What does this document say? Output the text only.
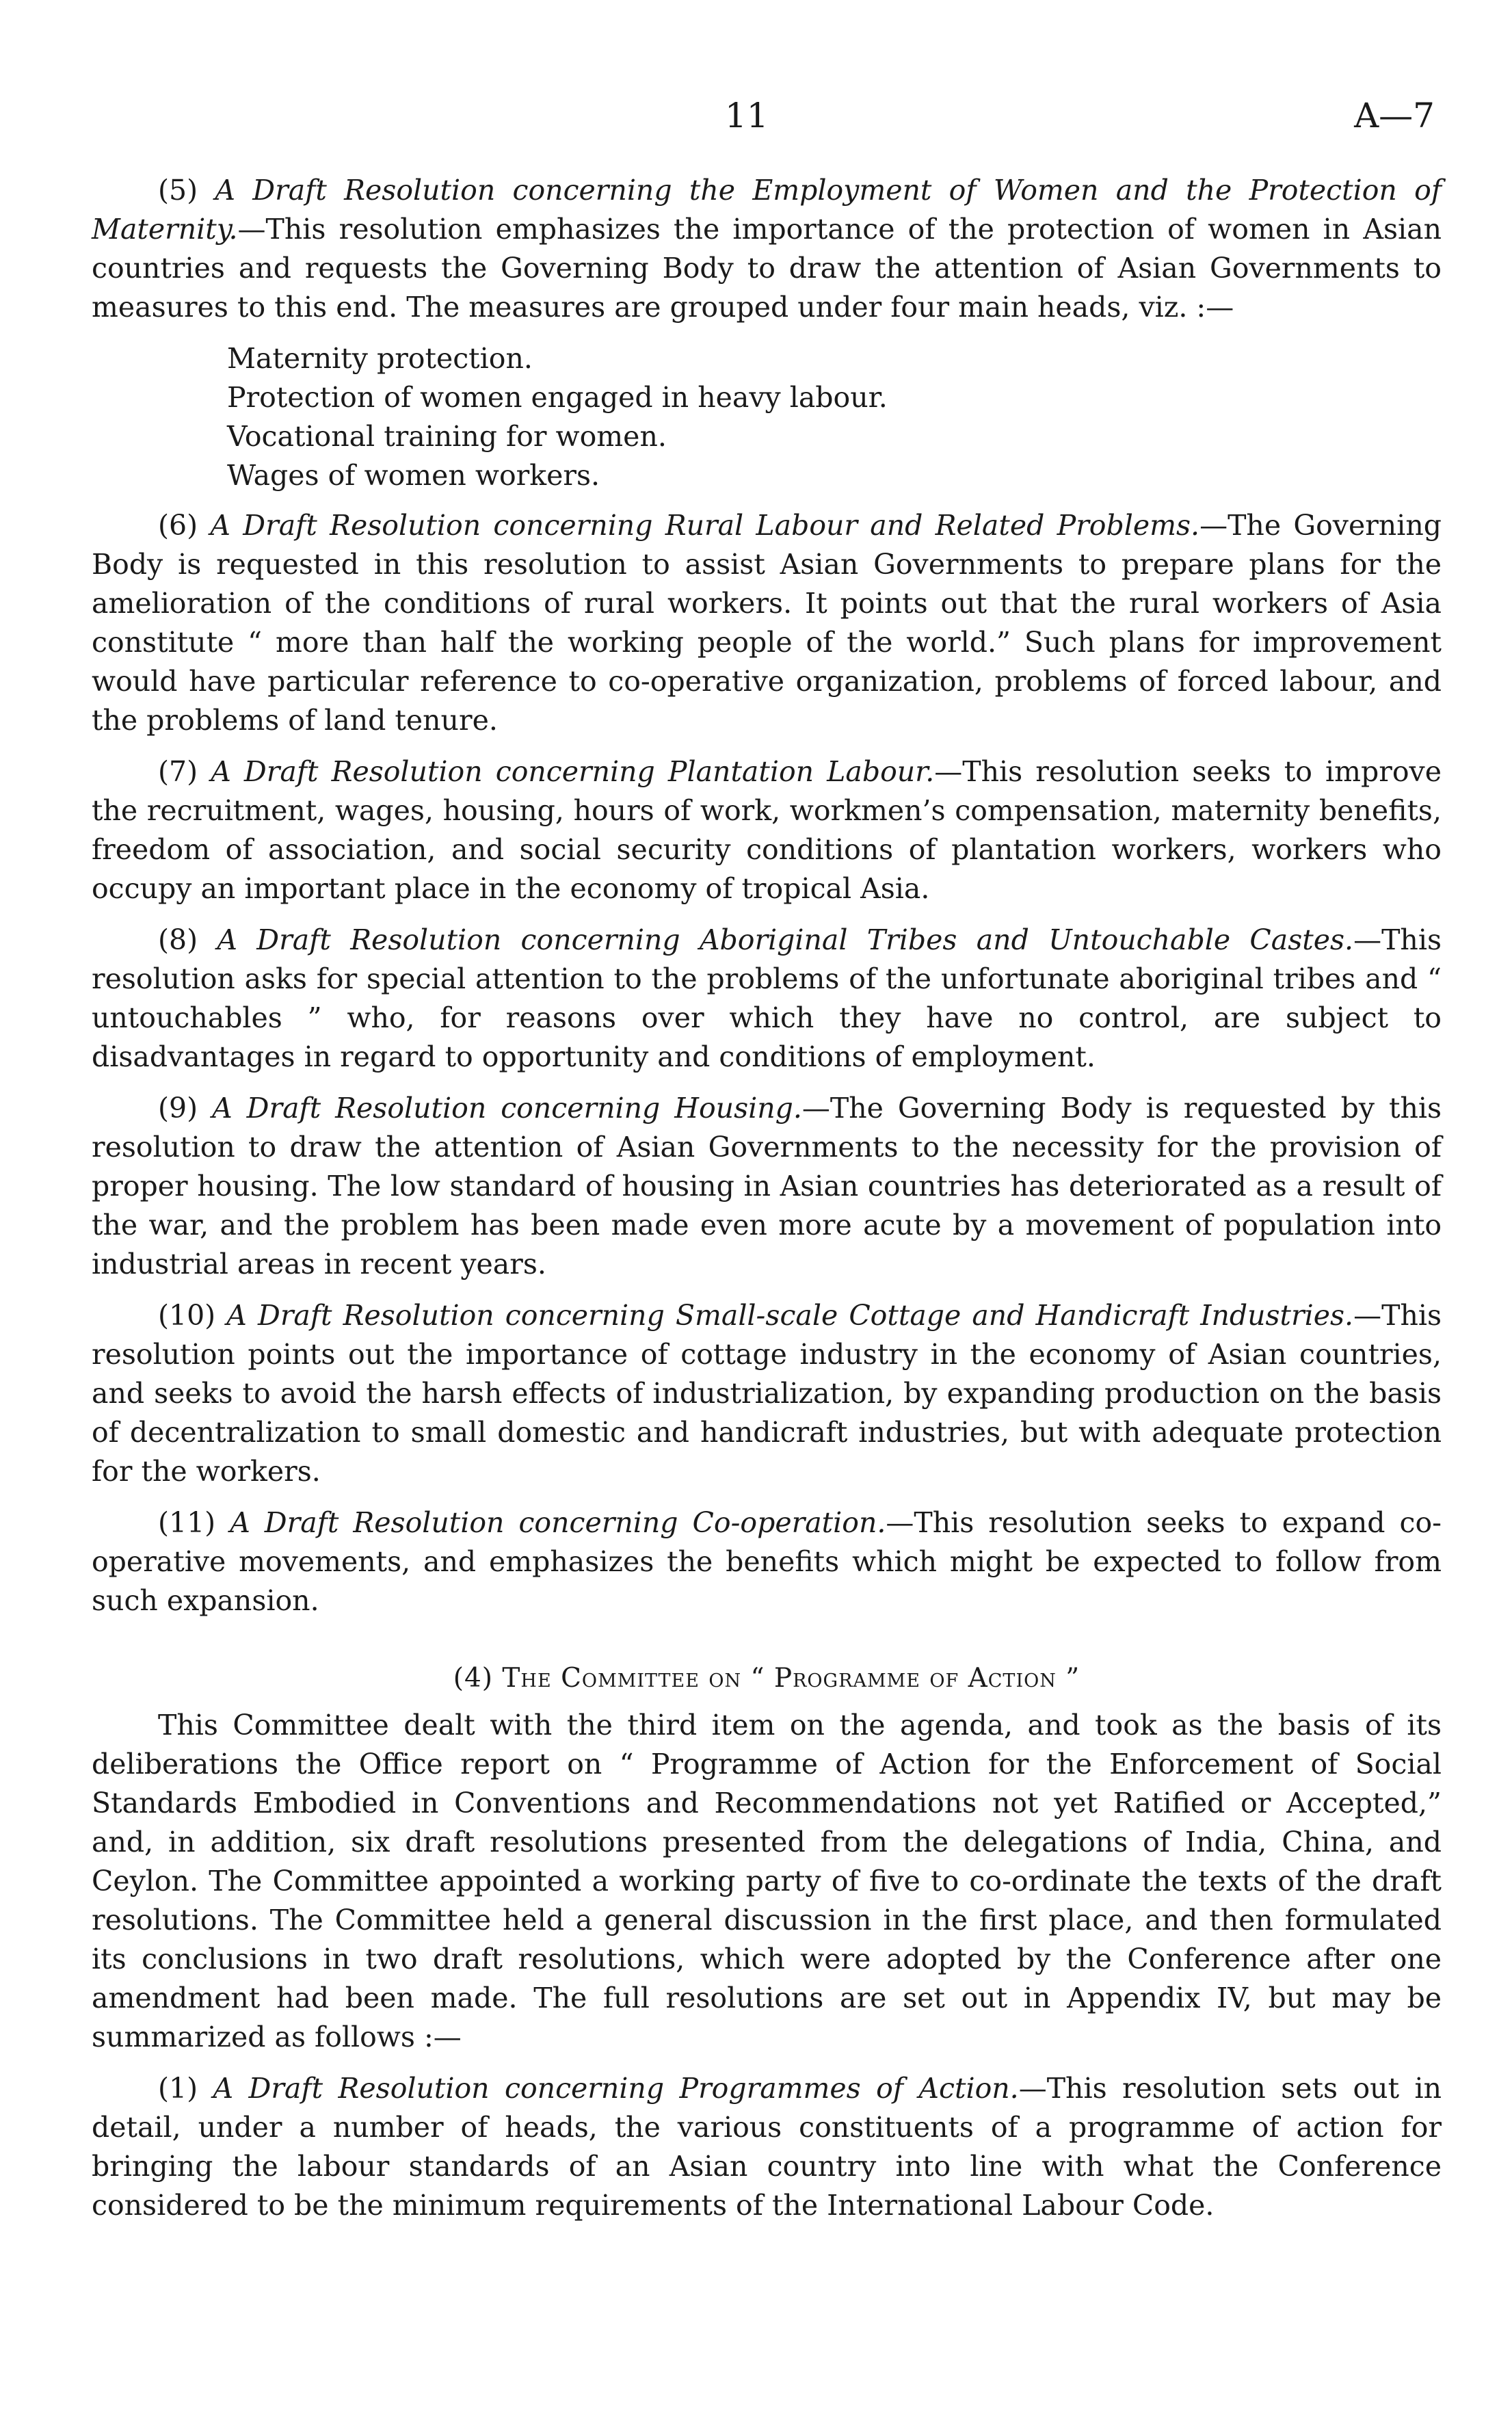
11	A—7

(5) A Draft Resolution concerning the Employment of Women and the Protection of Maternity.—This resolution emphasizes the importance of the protection of women in Asian countries and requests the Governing Body to draw the attention of Asian Governments to measures to this end. The measures are grouped under four main heads, viz. :—

Maternity protection.
Protection of women engaged in heavy labour.
Vocational training for women.
Wages of women workers.

(6) A Draft Resolution concerning Rural Labour and Related Problems.—The Governing Body is requested in this resolution to assist Asian Governments to prepare plans for the amelioration of the conditions of rural workers. It points out that the rural workers of Asia constitute “ more than half the working people of the world.” Such plans for improvement would have particular reference to co-operative organization, problems of forced labour, and the problems of land tenure.

(7) A Draft Resolution concerning Plantation Labour.—This resolution seeks to improve the recruitment, wages, housing, hours of work, workmen’s compensation, maternity benefits, freedom of association, and social security conditions of plantation workers, workers who occupy an important place in the economy of tropical Asia.

(8) A Draft Resolution concerning Aboriginal Tribes and Untouchable Castes.—This resolution asks for special attention to the problems of the unfortunate aboriginal tribes and “ untouchables ” who, for reasons over which they have no control, are subject to disadvantages in regard to opportunity and conditions of employment.

(9) A Draft Resolution concerning Housing.—The Governing Body is requested by this resolution to draw the attention of Asian Governments to the necessity for the provision of proper housing. The low standard of housing in Asian countries has deteriorated as a result of the war, and the problem has been made even more acute by a movement of population into industrial areas in recent years.

(10) A Draft Resolution concerning Small-scale Cottage and Handicraft Industries.—This resolution points out the importance of cottage industry in the economy of Asian countries, and seeks to avoid the harsh effects of industrialization, by expanding production on the basis of decentralization to small domestic and handicraft industries, but with adequate protection for the workers.

(11) A Draft Resolution concerning Co-operation.—This resolution seeks to expand co-operative movements, and emphasizes the benefits which might be expected to follow from such expansion.

(4) The Committee on “ Programme of Action ”

This Committee dealt with the third item on the agenda, and took as the basis of its deliberations the Office report on “ Programme of Action for the Enforcement of Social Standards Embodied in Conventions and Recommendations not yet Ratified or Accepted,” and, in addition, six draft resolutions presented from the delegations of India, China, and Ceylon. The Committee appointed a working party of five to co-ordinate the texts of the draft resolutions. The Committee held a general discussion in the first place, and then formulated its conclusions in two draft resolutions, which were adopted by the Conference after one amendment had been made. The full resolutions are set out in Appendix IV, but may be summarized as follows :—

(1) A Draft Resolution concerning Programmes of Action.—This resolution sets out in detail, under a number of heads, the various constituents of a programme of action for bringing the labour standards of an Asian country into line with what the Conference considered to be the minimum requirements of the International Labour Code.
